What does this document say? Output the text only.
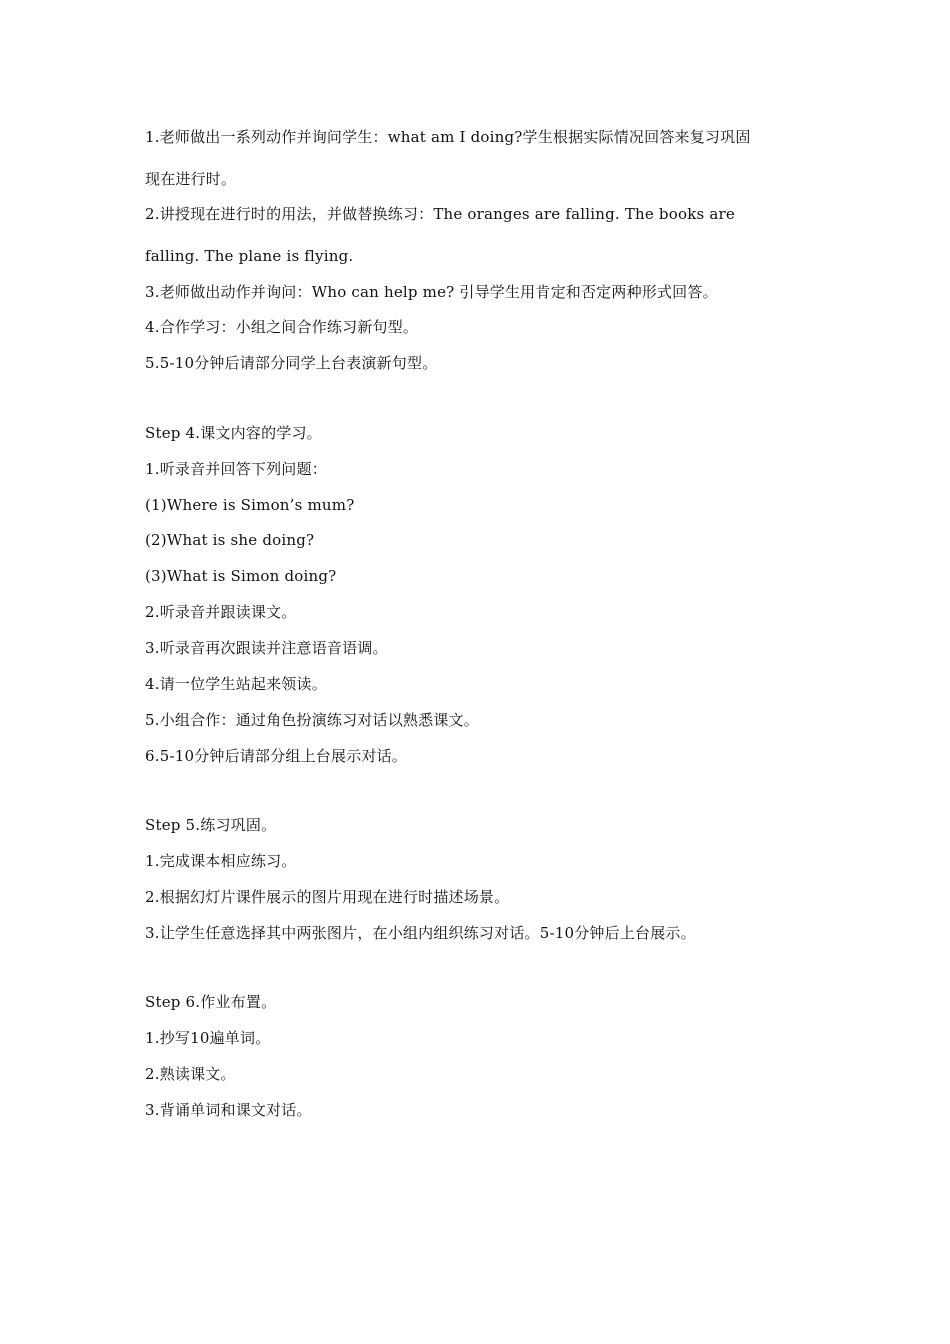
1.老师做出一系列动作并询问学生：what am I doing?学生根据实际情况回答来复习巩固
现在进行时。
2.讲授现在进行时的用法，并做替换练习：The oranges are falling. The books are
falling. The plane is flying.
3.老师做出动作并询问：Who can help me? 引导学生用肯定和否定两种形式回答。
4.合作学习：小组之间合作练习新句型。
5.5-10分钟后请部分同学上台表演新句型。
Step 4.课文内容的学习。
1.听录音并回答下列问题：
(1)Where is Simon’s mum?
(2)What is she doing?
(3)What is Simon doing?
2.听录音并跟读课文。
3.听录音再次跟读并注意语音语调。
4.请一位学生站起来领读。
5.小组合作：通过角色扮演练习对话以熟悉课文。
6.5-10分钟后请部分组上台展示对话。
Step 5.练习巩固。
1.完成课本相应练习。
2.根据幻灯片课件展示的图片用现在进行时描述场景。
3.让学生任意选择其中两张图片，在小组内组织练习对话。5-10分钟后上台展示。
Step 6.作业布置。
1.抄写10遍单词。
2.熟读课文。
3.背诵单词和课文对话。
